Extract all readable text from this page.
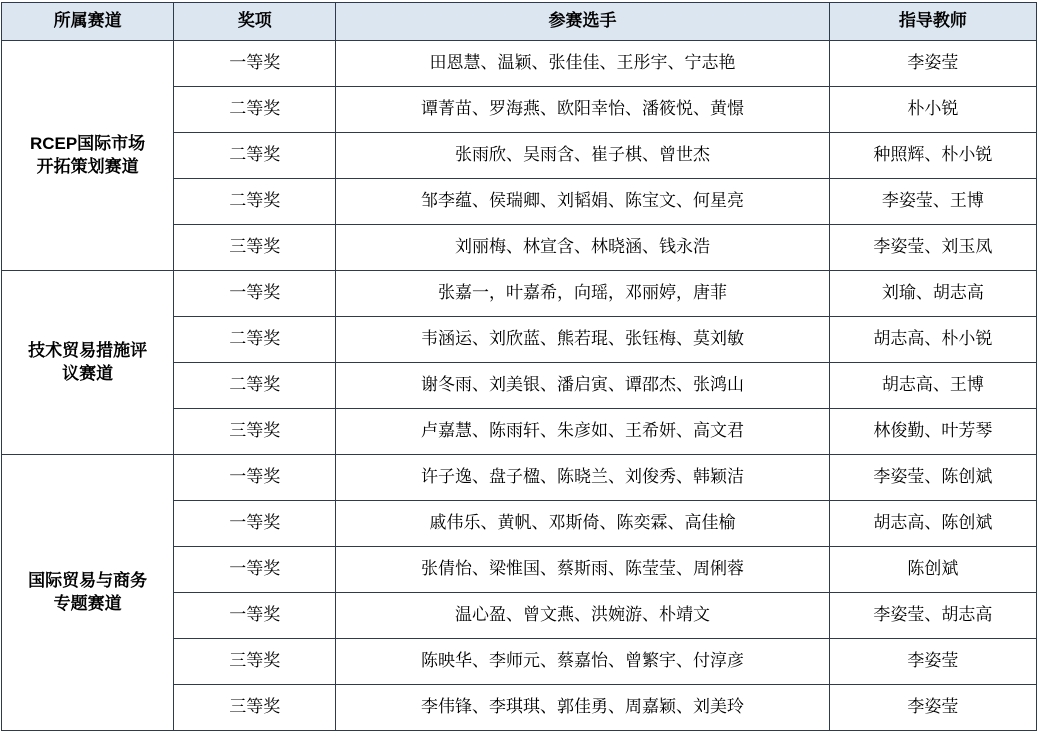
所属赛道	奖项	参赛选手	指导教师

RCEP国际市场
开拓策划赛道	一等奖	田恩慧、温颖、张佳佳、王彤宇、宁志艳	李姿莹
	二等奖	谭菁苗、罗海燕、欧阳幸怡、潘筱悦、黄憬	朴小锐
	二等奖	张雨欣、吴雨含、崔子棋、曾世杰	种照辉、朴小锐
	二等奖	邹李蕴、侯瑞卿、刘韬娟、陈宝文、何星亮	李姿莹、王博
	三等奖	刘丽梅、林宣含、林晓涵、钱永浩	李姿莹、刘玉凤

技术贸易措施评
议赛道	一等奖	张嘉一，叶嘉希，向瑶，邓丽婷，唐菲	刘瑜、胡志高
	二等奖	韦涵运、刘欣蓝、熊若琨、张钰梅、莫刘敏	胡志高、朴小锐
	二等奖	谢冬雨、刘美银、潘启寅、谭邵杰、张鸿山	胡志高、王博
	三等奖	卢嘉慧、陈雨轩、朱彦如、王希妍、高文君	林俊勤、叶芳琴

国际贸易与商务
专题赛道	一等奖	许子逸、盘子楹、陈晓兰、刘俊秀、韩颖洁	李姿莹、陈创斌
	一等奖	戚伟乐、黄帆、邓斯倚、陈奕霖、高佳榆	胡志高、陈创斌
	一等奖	张倩怡、梁惟国、蔡斯雨、陈莹莹、周俐蓉	陈创斌
	一等奖	温心盈、曾文燕、洪婉游、朴靖文	李姿莹、胡志高
	三等奖	陈映华、李师元、蔡嘉怡、曾繁宇、付淳彦	李姿莹
	三等奖	李伟锋、李琪琪、郭佳勇、周嘉颖、刘美玲	李姿莹
